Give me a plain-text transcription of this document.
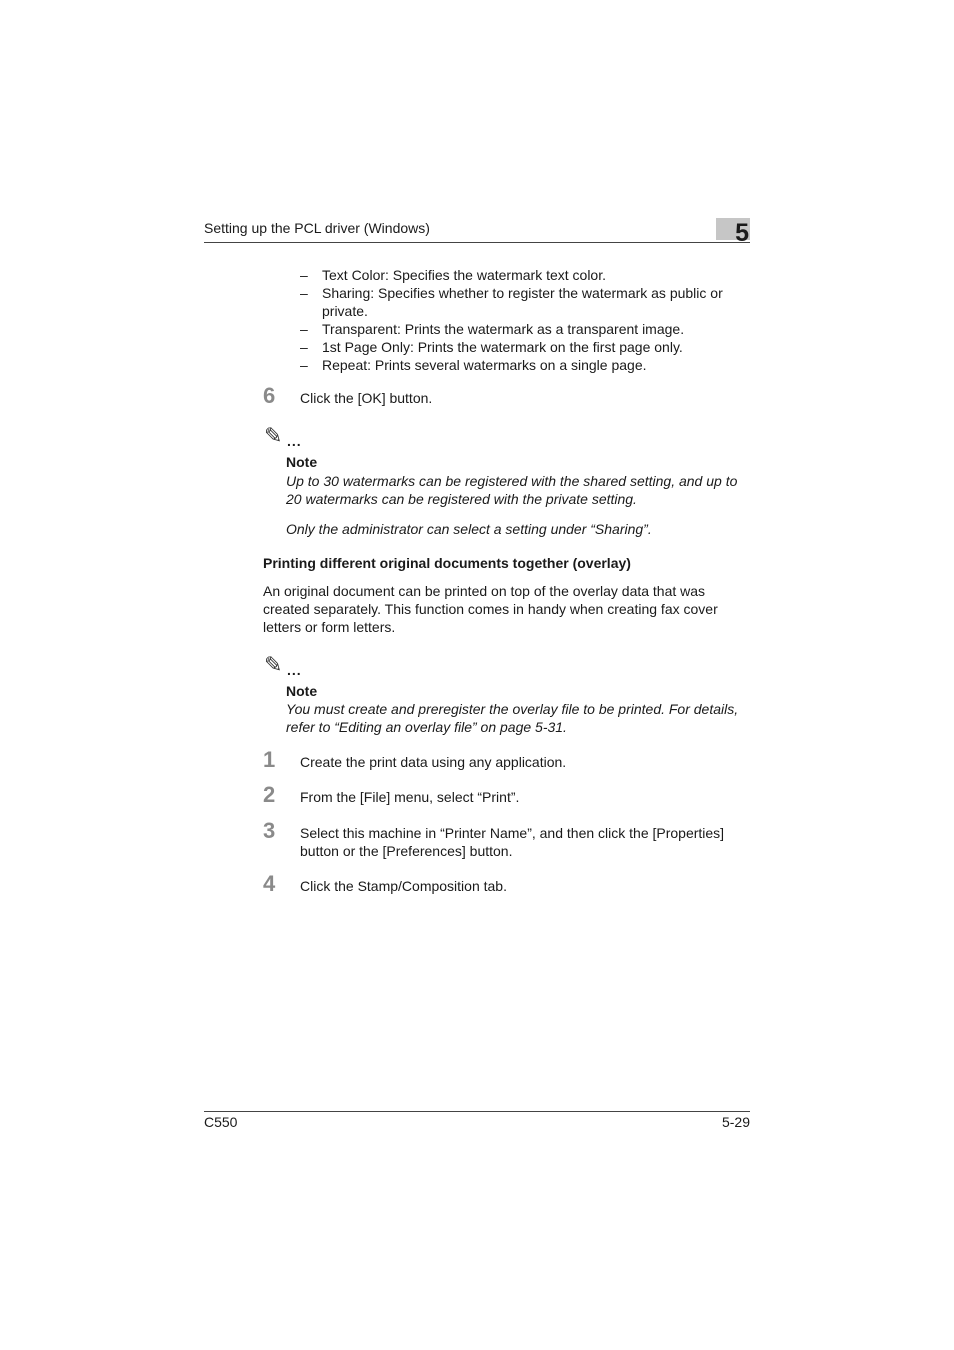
Setting up the PCL driver (Windows)	5
– Text Color: Specifies the watermark text color.
– Sharing: Specifies whether to register the watermark as public or private.
– Transparent: Prints the watermark as a transparent image.
– 1st Page Only: Prints the watermark on the first page only.
– Repeat: Prints several watermarks on a single page.
6 Click the [OK] button.
✎ ...
Note
Up to 30 watermarks can be registered with the shared setting, and up to 20 watermarks can be registered with the private setting.
Only the administrator can select a setting under “Sharing”.
Printing different original documents together (overlay)
An original document can be printed on top of the overlay data that was created separately. This function comes in handy when creating fax cover letters or form letters.
✎ ...
Note
You must create and preregister the overlay file to be printed. For details, refer to “Editing an overlay file” on page 5-31.
1 Create the print data using any application.
2 From the [File] menu, select “Print”.
3 Select this machine in “Printer Name”, and then click the [Properties] button or the [Preferences] button.
4 Click the Stamp/Composition tab.
C550	5-29
